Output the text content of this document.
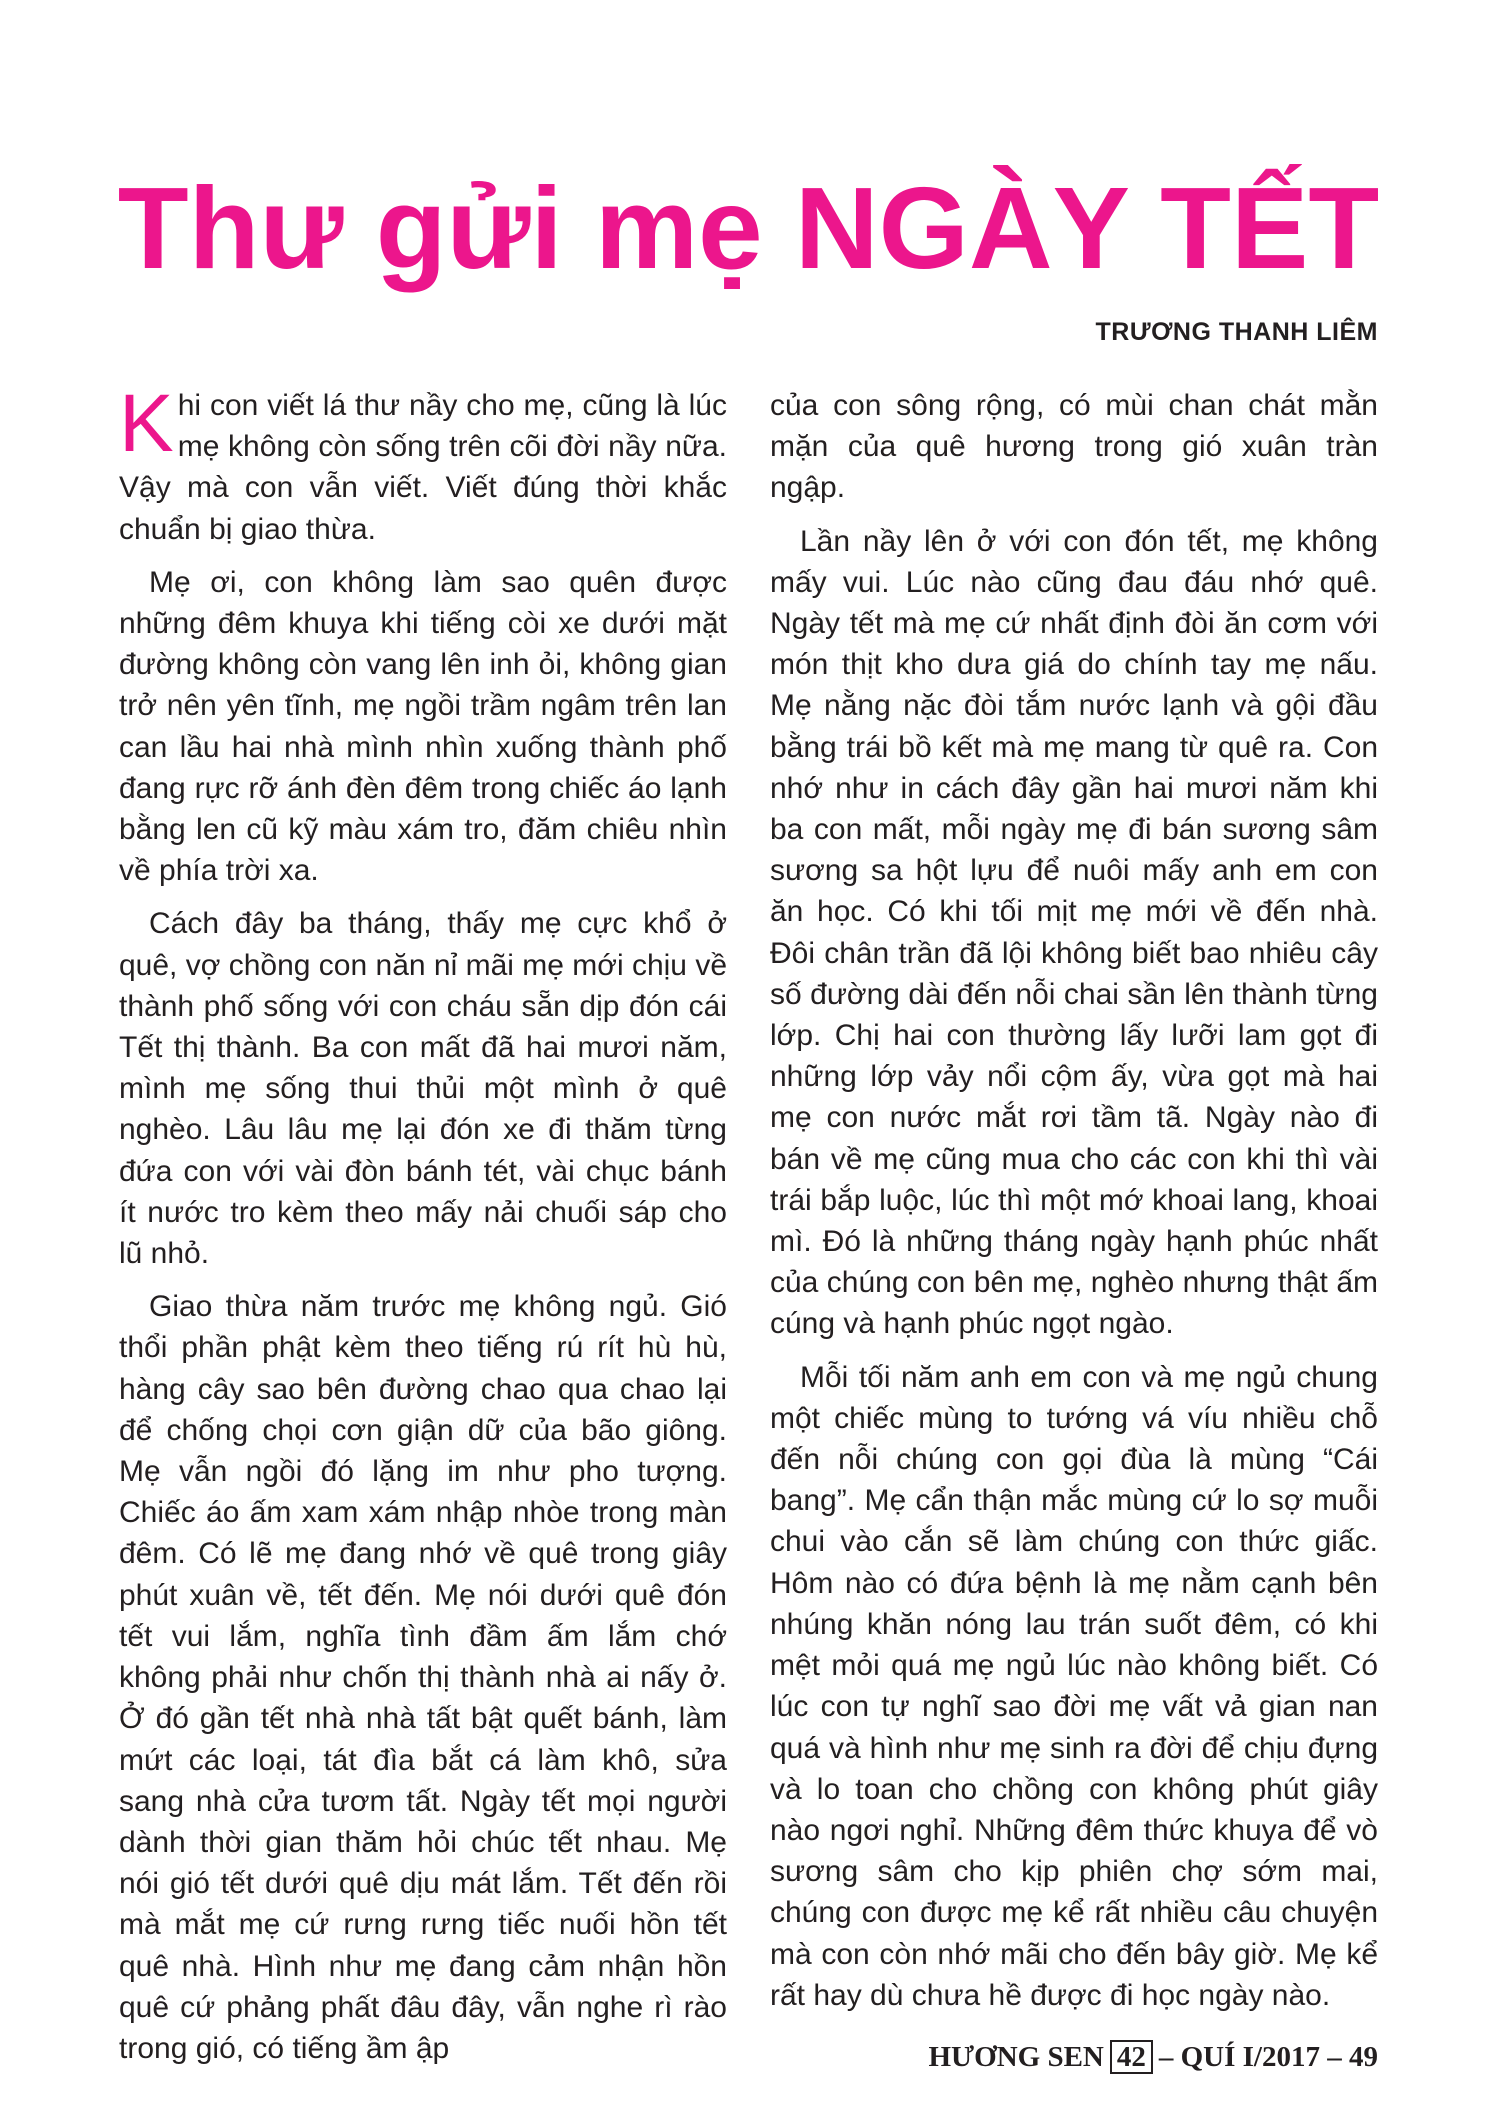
Thư gửi mẹ NGÀY TẾT
TRƯƠNG THANH LIÊM

Khi con viết lá thư nầy cho mẹ, cũng là lúc mẹ không còn sống trên cõi đời nầy nữa. Vậy mà con vẫn viết. Viết đúng thời khắc chuẩn bị giao thừa.

Mẹ ơi, con không làm sao quên được những đêm khuya khi tiếng còi xe dưới mặt đường không còn vang lên inh ỏi, không gian trở nên yên tĩnh, mẹ ngồi trầm ngâm trên lan can lầu hai nhà mình nhìn xuống thành phố đang rực rỡ ánh đèn đêm trong chiếc áo lạnh bằng len cũ kỹ màu xám tro, đăm chiêu nhìn về phía trời xa.

Cách đây ba tháng, thấy mẹ cực khổ ở quê, vợ chồng con năn nỉ mãi mẹ mới chịu về thành phố sống với con cháu sẵn dịp đón cái Tết thị thành. Ba con mất đã hai mươi năm, mình mẹ sống thui thủi một mình ở quê nghèo. Lâu lâu mẹ lại đón xe đi thăm từng đứa con với vài đòn bánh tét, vài chục bánh ít nước tro kèm theo mấy nải chuối sáp cho lũ nhỏ.

Giao thừa năm trước mẹ không ngủ. Gió thổi phần phật kèm theo tiếng rú rít hù hù, hàng cây sao bên đường chao qua chao lại để chống chọi cơn giận dữ của bão giông. Mẹ vẫn ngồi đó lặng im như pho tượng. Chiếc áo ấm xam xám nhập nhòe trong màn đêm. Có lẽ mẹ đang nhớ về quê trong giây phút xuân về, tết đến. Mẹ nói dưới quê đón tết vui lắm, nghĩa tình đầm ấm lắm chớ không phải như chốn thị thành nhà ai nấy ở. Ở đó gần tết nhà nhà tất bật quết bánh, làm mứt các loại, tát đìa bắt cá làm khô, sửa sang nhà cửa tươm tất. Ngày tết mọi người dành thời gian thăm hỏi chúc tết nhau. Mẹ nói gió tết dưới quê dịu mát lắm. Tết đến rồi mà mắt mẹ cứ rưng rưng tiếc nuối hồn tết quê nhà. Hình như mẹ đang cảm nhận hồn quê cứ phảng phất đâu đây, vẫn nghe rì rào trong gió, có tiếng ầm ập

của con sông rộng, có mùi chan chát mằn mặn của quê hương trong gió xuân tràn ngập.

Lần nầy lên ở với con đón tết, mẹ không mấy vui. Lúc nào cũng đau đáu nhớ quê. Ngày tết mà mẹ cứ nhất định đòi ăn cơm với món thịt kho dưa giá do chính tay mẹ nấu. Mẹ nằng nặc đòi tắm nước lạnh và gội đầu bằng trái bồ kết mà mẹ mang từ quê ra. Con nhớ như in cách đây gần hai mươi năm khi ba con mất, mỗi ngày mẹ đi bán sương sâm sương sa hột lựu để nuôi mấy anh em con ăn học. Có khi tối mịt mẹ mới về đến nhà. Đôi chân trần đã lội không biết bao nhiêu cây số đường dài đến nỗi chai sần lên thành từng lớp. Chị hai con thường lấy lưỡi lam gọt đi những lớp vảy nổi cộm ấy, vừa gọt mà hai mẹ con nước mắt rơi tầm tã. Ngày nào đi bán về mẹ cũng mua cho các con khi thì vài trái bắp luộc, lúc thì một mớ khoai lang, khoai mì. Đó là những tháng ngày hạnh phúc nhất của chúng con bên mẹ, nghèo nhưng thật ấm cúng và hạnh phúc ngọt ngào.

Mỗi tối năm anh em con và mẹ ngủ chung một chiếc mùng to tướng vá víu nhiều chỗ đến nỗi chúng con gọi đùa là mùng “Cái bang”. Mẹ cẩn thận mắc mùng cứ lo sợ muỗi chui vào cắn sẽ làm chúng con thức giấc. Hôm nào có đứa bệnh là mẹ nằm cạnh bên nhúng khăn nóng lau trán suốt đêm, có khi mệt mỏi quá mẹ ngủ lúc nào không biết. Có lúc con tự nghĩ sao đời mẹ vất vả gian nan quá và hình như mẹ sinh ra đời để chịu đựng và lo toan cho chồng con không phút giây nào ngơi nghỉ. Những đêm thức khuya để vò sương sâm cho kịp phiên chợ sớm mai, chúng con được mẹ kể rất nhiều câu chuyện mà con còn nhớ mãi cho đến bây giờ. Mẹ kể rất hay dù chưa hề được đi học ngày nào.

HƯƠNG SEN 42 – QUÍ I/2017 – 49
